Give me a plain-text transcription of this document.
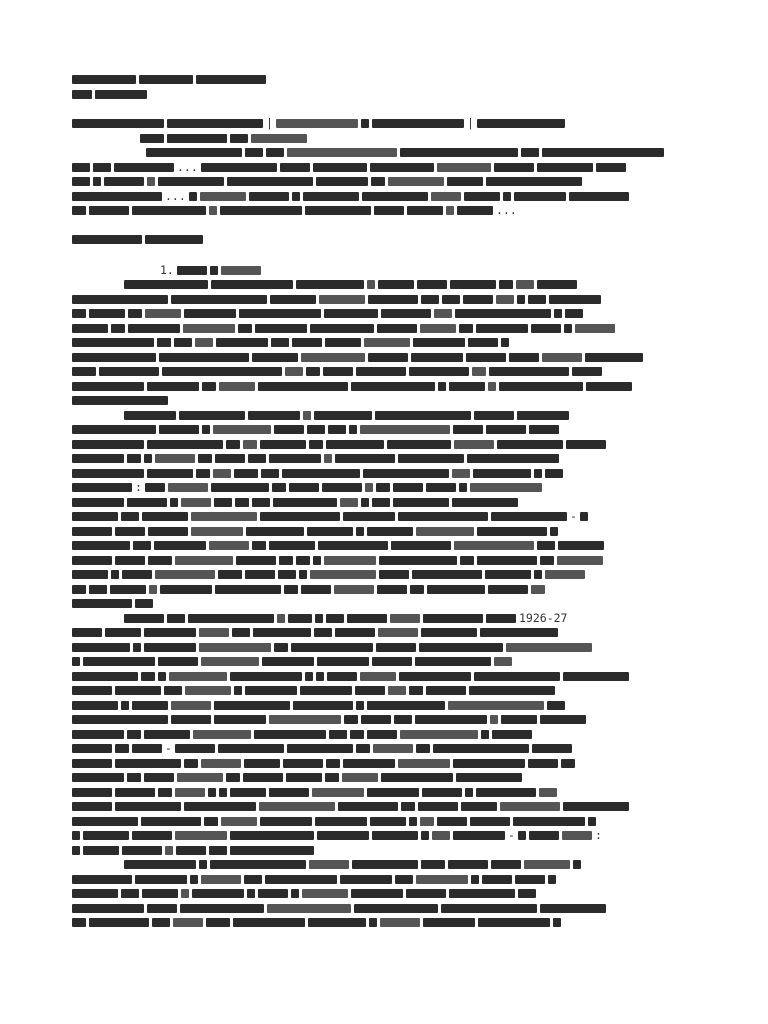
|	|
...
...
...
1.
:
-
1926-27
-
-	:
